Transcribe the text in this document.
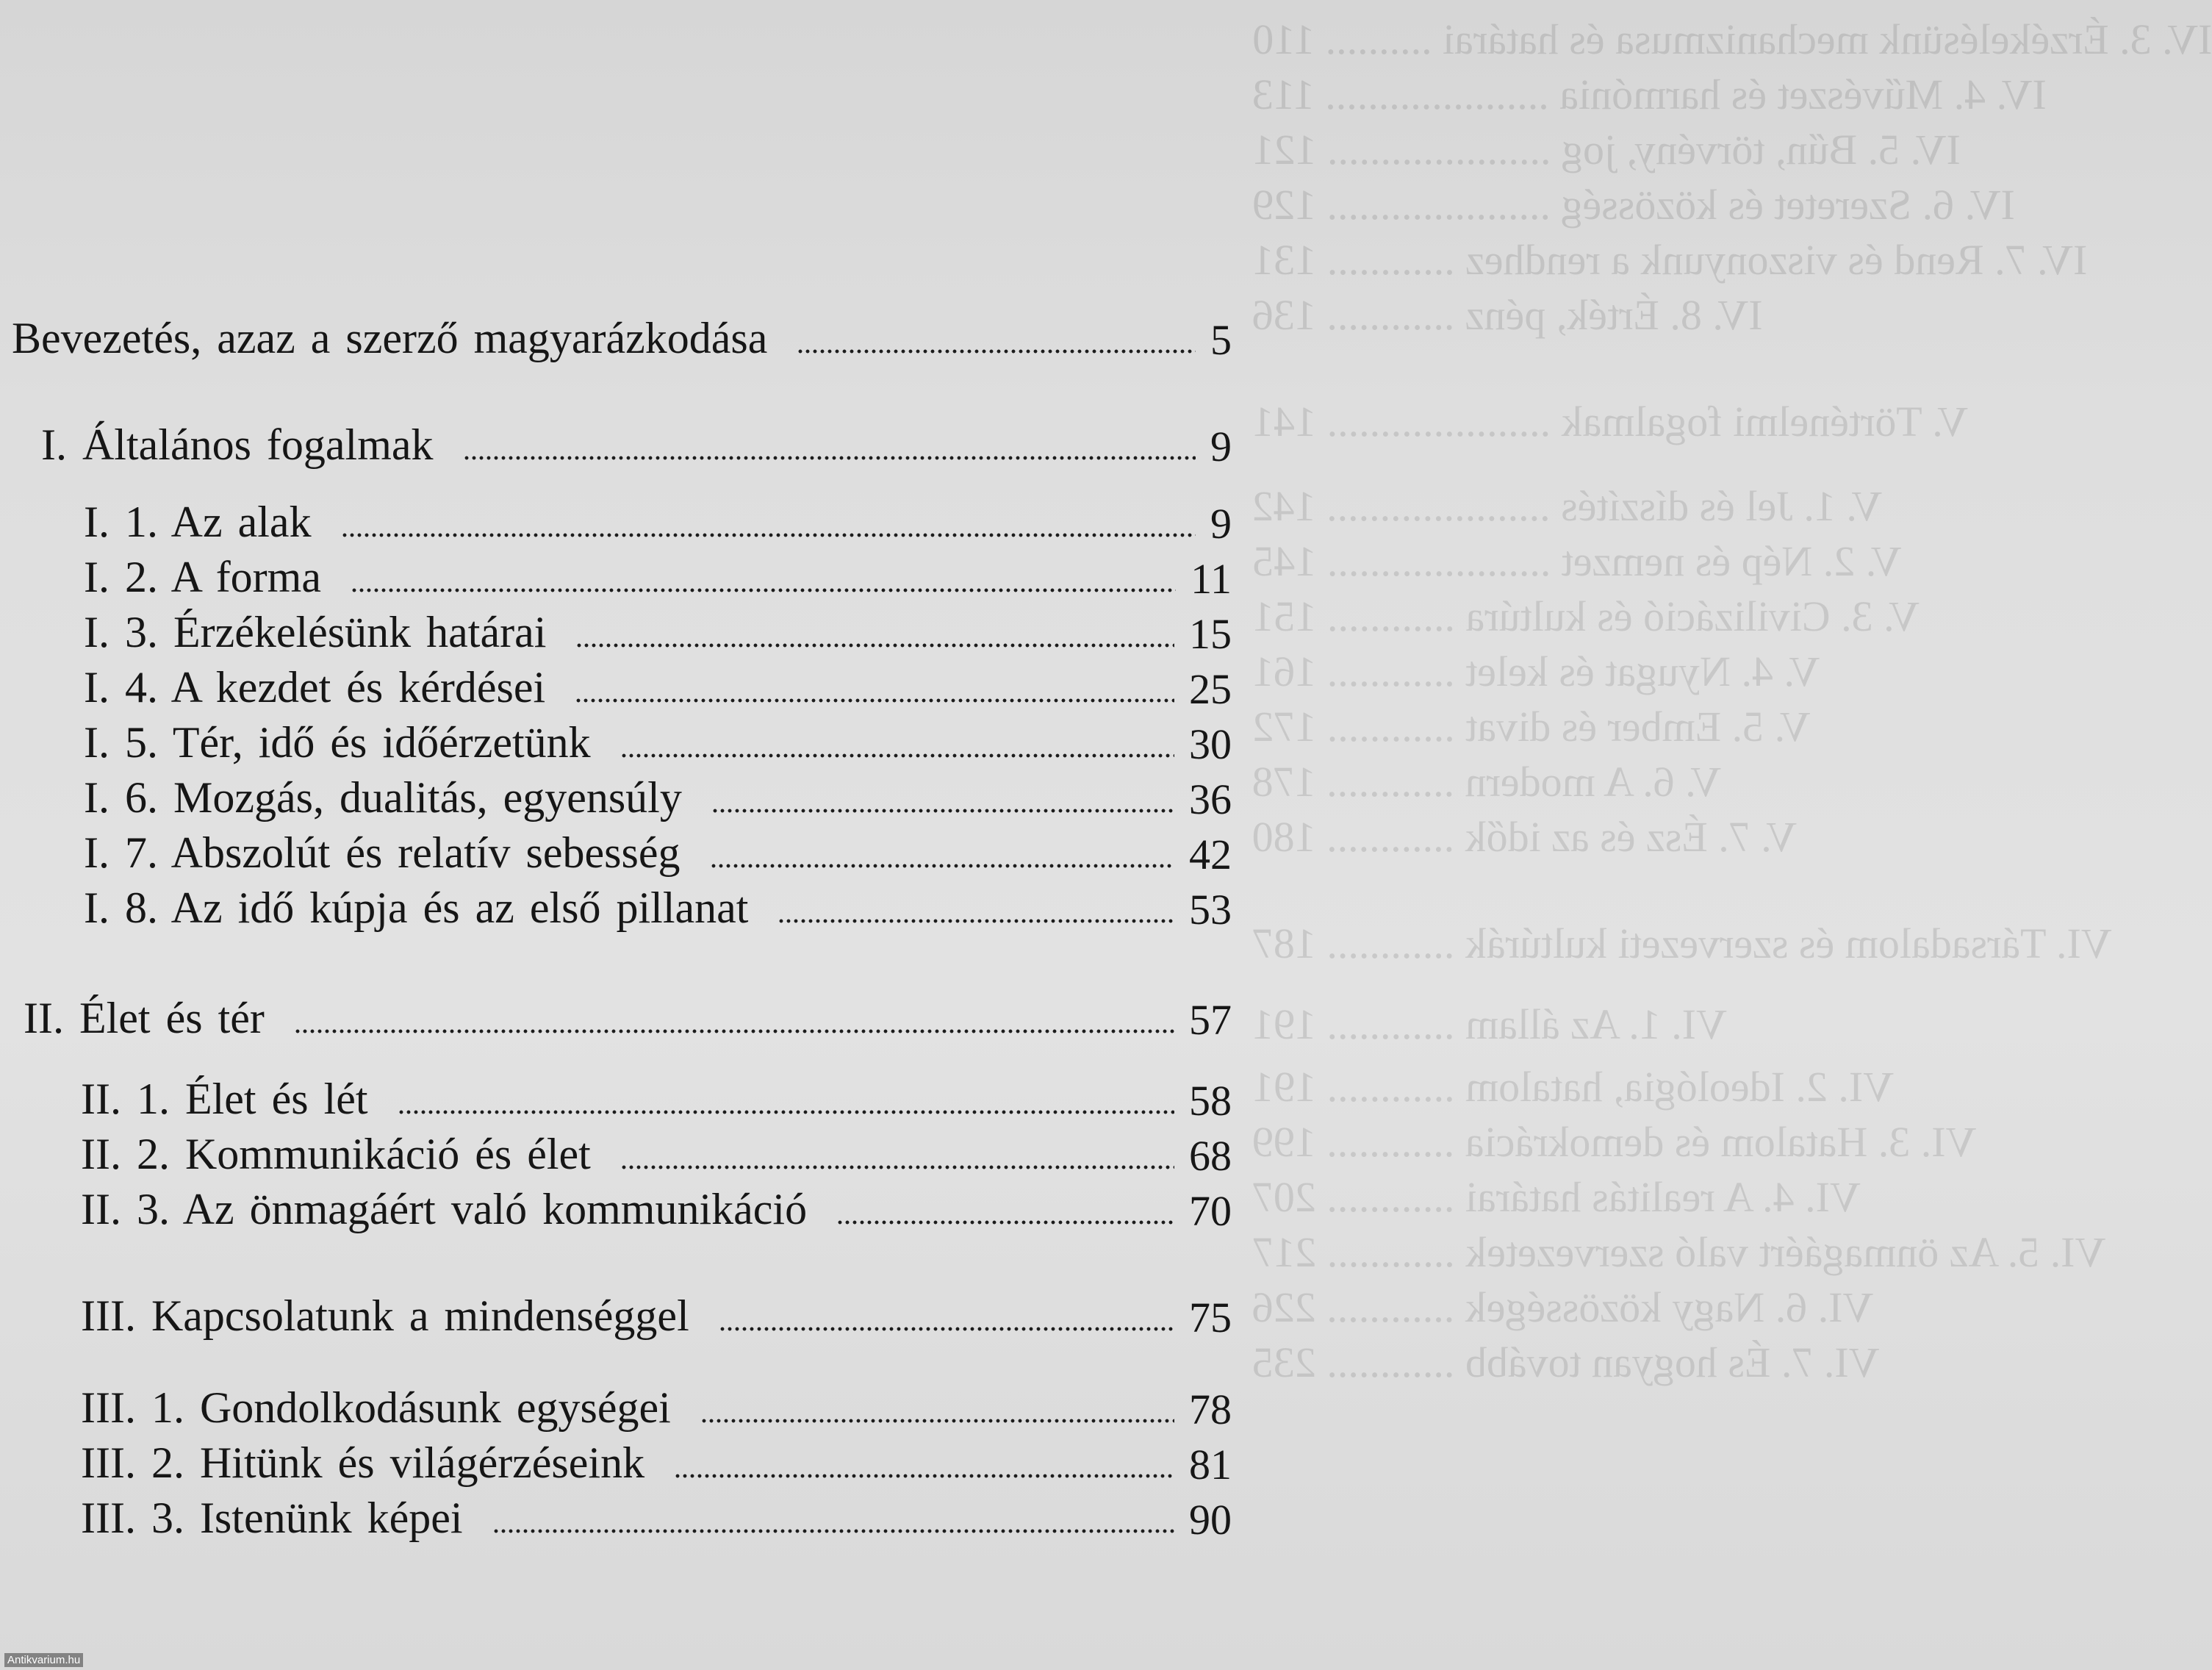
IV. 3. Érzékelésünk mechanizmusa és határai .......... 110
IV. 4. Művészet és harmónia ..................... 113
IV. 5. Bűn, törvény, jog ..................... 121
IV. 6. Szeretet és közösség ..................... 129
IV. 7. Rend és viszonyunk a rendhez ............ 131
IV. 8. Érték, pénz ............ 136
V. Történelmi fogalmak ..................... 141
V. 1. Jel és díszítés ..................... 142
V. 2. Nép és nemzet ..................... 145
V. 3. Civilizáció és kultúra ............ 151
V. 4. Nyugat és kelet ............ 161
V. 5. Ember és divat ............ 172
V. 6. A modern ............ 178
V. 7. Ész és az idők ............ 180
VI. Társadalom és szervezeti kultúrák ............ 187
VI. 1. Az állam ............ 191
VI. 2. Ideológia, hatalom ............ 191
VI. 3. Hatalom és demokrácia ............ 199
VI. 4. A realitás határai ............ 207
VI. 5. Az önmagáért való szervezetek ............ 217
VI. 6. Nagy közösségek ............ 226
VI. 7. És hogyan tovább ............ 235
Bevezetés, azaz a szerző magyarázkodása	5
I. Általános fogalmak	9
I. 1. Az alak	9
I. 2. A forma	11
I. 3. Érzékelésünk határai	15
I. 4. A kezdet és kérdései	25
I. 5. Tér, idő és időérzetünk	30
I. 6. Mozgás, dualitás, egyensúly	36
I. 7. Abszolút és relatív sebesség	42
I. 8. Az idő kúpja és az első pillanat	53
II. Élet és tér	57
II. 1. Élet és lét	58
II. 2. Kommunikáció és élet	68
II. 3. Az önmagáért való kommunikáció	70
III. Kapcsolatunk a mindenséggel	75
III. 1. Gondolkodásunk egységei	78
III. 2. Hitünk és világérzéseink	81
III. 3. Istenünk képei	90
Antikvarium.hu
